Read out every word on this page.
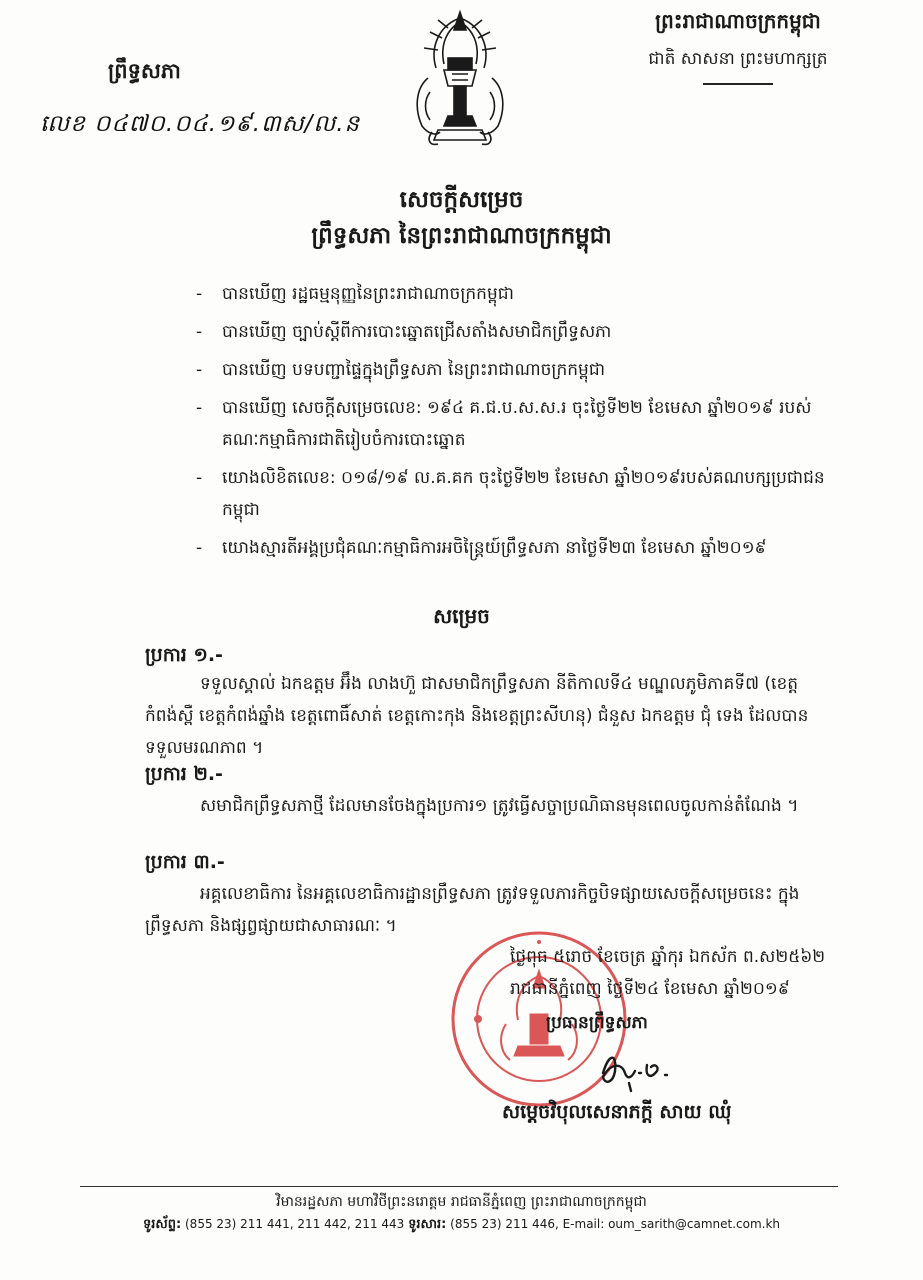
ព្រះរាជាណាចក្រកម្ពុជា
ជាតិ សាសនា ព្រះមហាក្សត្រ
ព្រឹទ្ធសភា
លេខ ០៤៧០.០៤.១៩.៣ស/ល.ន
សេចក្ដីសម្រេច
ព្រឹទ្ធសភា នៃព្រះរាជាណាចក្រកម្ពុជា
- បានឃើញ រដ្ឋធម្មនុញ្ញនៃព្រះរាជាណាចក្រកម្ពុជា
- បានឃើញ ច្បាប់ស្ដីពីការបោះឆ្នោតជ្រើសតាំងសមាជិកព្រឹទ្ធសភា
- បានឃើញ បទបញ្ជាផ្ទៃក្នុងព្រឹទ្ធសភា នៃព្រះរាជាណាចក្រកម្ពុជា
- បានឃើញ សេចក្ដីសម្រេចលេខ: ១៩៤ គ.ជ.ប.ស.ស.រ ចុះថ្ងៃទី២២ ខែមេសា ឆ្នាំ២០១៩ របស់គណៈកម្មាធិការជាតិរៀបចំការបោះឆ្នោត
- យោងលិខិតលេខ: ០១៨/១៩ ល.គ.គក ចុះថ្ងៃទី២២ ខែមេសា ឆ្នាំ២០១៩របស់គណបក្សប្រជាជនកម្ពុជា
- យោងស្មារតីអង្គប្រជុំគណៈកម្មាធិការអចិន្ត្រៃយ៍ព្រឹទ្ធសភា នាថ្ងៃទី២៣ ខែមេសា ឆ្នាំ២០១៩
សម្រេច
ប្រការ ១.-
ទទួលស្គាល់ ឯកឧត្តម អ៊ឹង លាងហ៊ួ ជាសមាជិកព្រឹទ្ធសភា នីតិកាលទី៤ មណ្ឌលភូមិភាគទី៧ (ខេត្តកំពង់ស្ពឺ ខេត្តកំពង់ឆ្នាំង ខេត្តពោធិ៍សាត់ ខេត្តកោះកុង និងខេត្តព្រះសីហនុ) ជំនួស ឯកឧត្តម ជុំ ទេង ដែលបានទទួលមរណភាព ។
ប្រការ ២.-
សមាជិកព្រឹទ្ធសភាថ្មី ដែលមានចែងក្នុងប្រការ១ ត្រូវធ្វើសច្ចាប្រណិធានមុនពេលចូលកាន់តំណែង ។
ប្រការ ៣.-
អគ្គលេខាធិការ នៃអគ្គលេខាធិការដ្ឋានព្រឹទ្ធសភា ត្រូវទទួលភារកិច្ចបិទផ្សាយសេចក្ដីសម្រេចនេះ ក្នុងព្រឹទ្ធសភា និងផ្សព្វផ្សាយជាសាធារណៈ ។
ថ្ងៃពុធ ៥រោច ខែចេត្រ ឆ្នាំកុរ ឯកស័ក ព.ស២៥៦២
រាជធានីភ្នំពេញ ថ្ងៃទី២៤ ខែមេសា ឆ្នាំ២០១៩
ប្រធានព្រឹទ្ធសភា
សម្ដេចវិបុលសេនាភក្ដី សាយ ឈុំ
វិមានរដ្ឋសភា មហាវិថីព្រះនរោត្តម រាជធានីភ្នំពេញ ព្រះរាជាណាចក្រកម្ពុជា
ទូរស័ព្ទ: (855 23) 211 441, 211 442, 211 443 ទូរសារ: (855 23) 211 446, E-mail: oum_sarith@camnet.com.kh
